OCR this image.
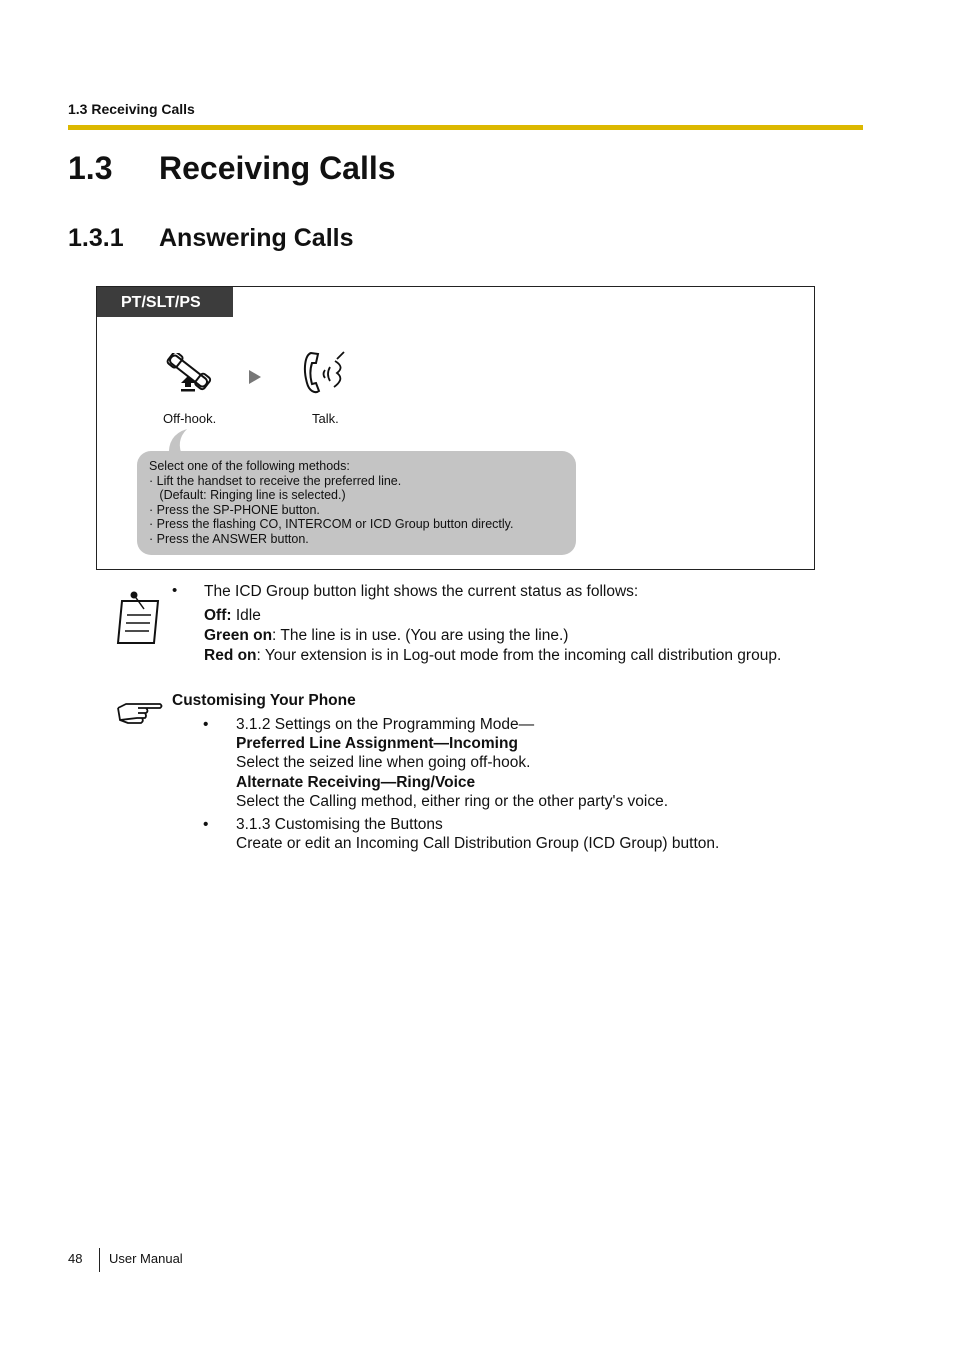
1.3 Receiving Calls
1.3 Receiving Calls
1.3.1 Answering Calls
PT/SLT/PS
Off-hook.	Talk.
Select one of the following methods:
· Lift the handset to receive the preferred line.
(Default: Ringing line is selected.)
· Press the SP-PHONE button.
· Press the flashing CO, INTERCOM or ICD Group button directly.
· Press the ANSWER button.
• The ICD Group button light shows the current status as follows:

Off: Idle

Green on: The line is in use. (You are using the line.)

Red on: Your extension is in Log-out mode from the incoming call distribution group.

Customising Your Phone
• 3.1.2 Settings on the Programming Mode—
Preferred Line Assignment—Incoming
Select the seized line when going off-hook.
Alternate Receiving—Ring/Voice
Select the Calling method, either ring or the other party's voice.
• 3.1.3 Customising the Buttons
Create or edit an Incoming Call Distribution Group (ICD Group) button.
48 User Manual
